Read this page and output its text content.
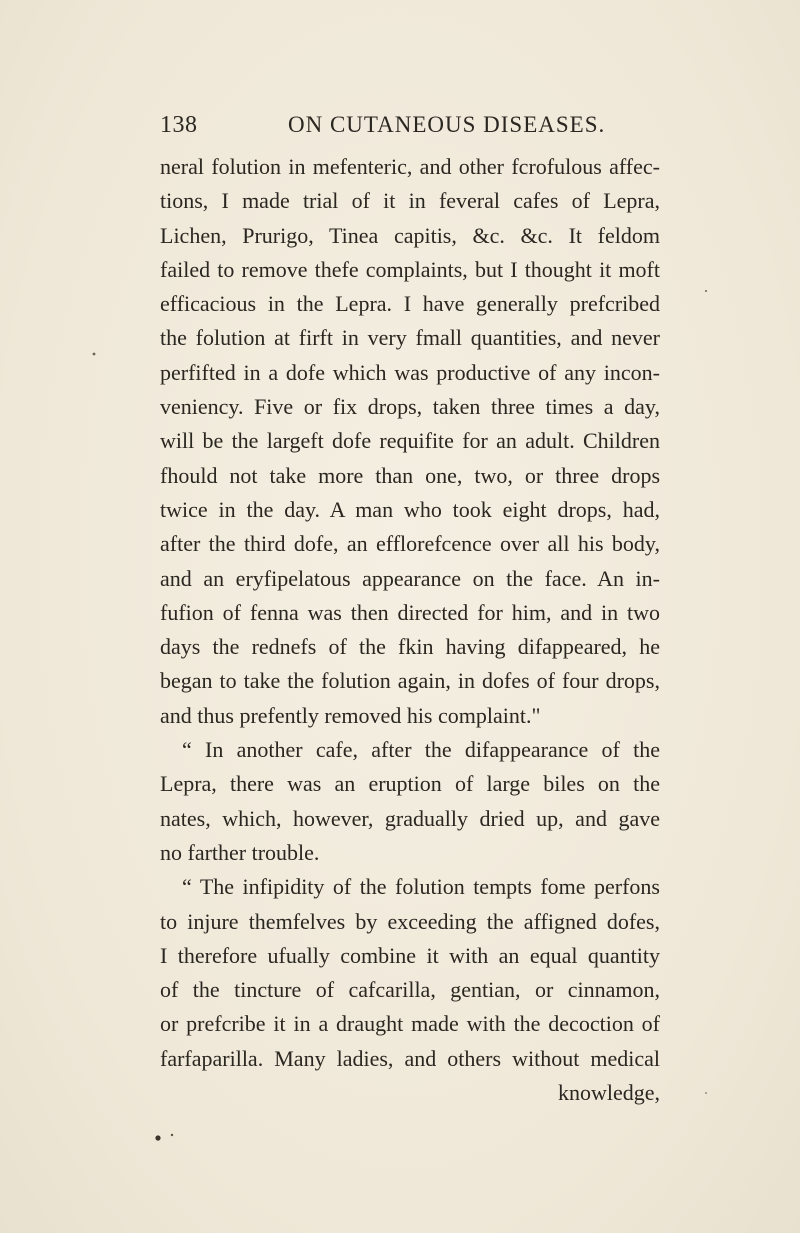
138	ON CUTANEOUS DISEASES.
neral folution in mefenteric, and other fcrofulous affec-
tions, I made trial of it in feveral cafes of Lepra,
Lichen, Prurigo, Tinea capitis, &c. &c. It feldom
failed to remove thefe complaints, but I thought it moft
efficacious in the Lepra. I have generally prefcribed
the folution at firft in very fmall quantities, and never
perfifted in a dofe which was productive of any incon-
veniency. Five or fix drops, taken three times a day,
will be the largeft dofe requifite for an adult. Children
fhould not take more than one, two, or three drops
twice in the day. A man who took eight drops, had,
after the third dofe, an efflorefcence over all his body,
and an eryfipelatous appearance on the face. An in-
fufion of fenna was then directed for him, and in two
days the rednefs of the fkin having difappeared, he
began to take the folution again, in dofes of four drops,
and thus prefently removed his complaint."
“ In another cafe, after the difappearance of the
Lepra, there was an eruption of large biles on the
nates, which, however, gradually dried up, and gave
no farther trouble.
“ The infipidity of the folution tempts fome perfons
to injure themfelves by exceeding the affigned dofes,
I therefore ufually combine it with an equal quantity
of the tincture of cafcarilla, gentian, or cinnamon,
or prefcribe it in a draught made with the decoction of
farfaparilla. Many ladies, and others without medical
knowledge,
